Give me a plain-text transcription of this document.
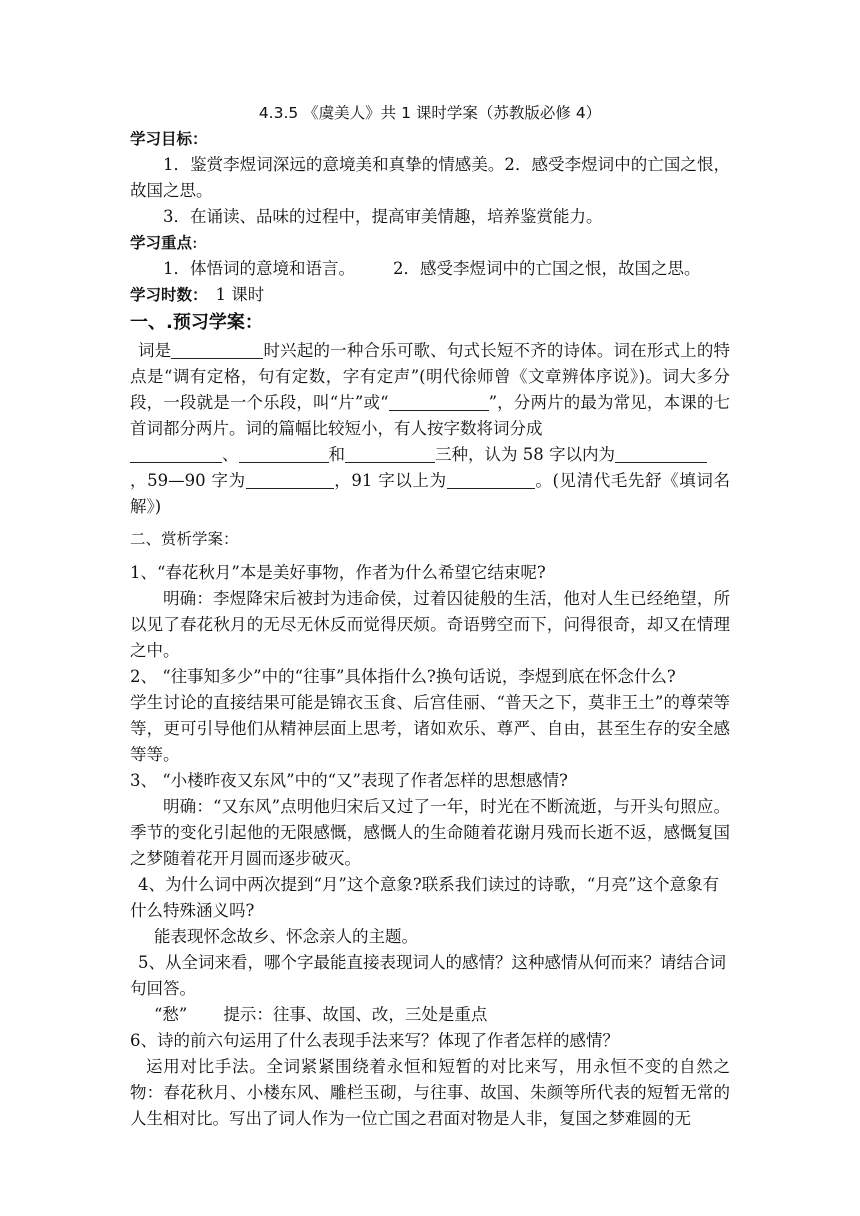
4.3.5 《虞美人》共 1 课时学案（苏教版必修 4）

学习目标：

1．鉴赏李煜词深远的意境美和真挚的情感美。2．感受李煜词中的亡国之恨，故国之思。

3．在诵读、品味的过程中，提高审美情趣，培养鉴赏能力。

学习重点:

1．体悟词的意境和语言。 2．感受李煜词中的亡国之恨，故国之思。

学习时数： 1 课时

一、.预习学案：

词是	时兴起的一种合乐可歌、句式长短不齐的诗体。词在形式上的特点是“调有定格，句有定数，字有定声”(明代徐师曾《文章辨体序说》)。词大多分段，一段就是一个乐段，叫“片”或“	”，分两片的最为常见，本课的七首词都分两片。词的篇幅比较短小，有人按字数将词分成
、	和	三种，认为 58 字以内为
，59—90 字为	，91 字以上为	。(见清代毛先舒《填词名解》)

二、赏析学案：

1、“春花秋月”本是美好事物，作者为什么希望它结束呢?

明确：李煜降宋后被封为违命侯，过着囚徒般的生活，他对人生已经绝望，所以见了春花秋月的无尽无休反而觉得厌烦。奇语劈空而下，问得很奇，却又在情理之中。

2、 “往事知多少”中的“往事”具体指什么?换句话说，李煜到底在怀念什么?

学生讨论的直接结果可能是锦衣玉食、后宫佳丽、“普天之下，莫非王土”的尊荣等等，更可引导他们从精神层面上思考，诸如欢乐、尊严、自由，甚至生存的安全感等等。

3、 “小楼昨夜又东风”中的“又”表现了作者怎样的思想感情?

明确：“又东风”点明他归宋后又过了一年，时光在不断流逝，与开头句照应。季节的变化引起他的无限感慨，感慨人的生命随着花谢月残而长逝不返，感慨复国之梦随着花开月圆而逐步破灭。

4、为什么词中两次提到“月”这个意象?联系我们读过的诗歌，“月亮”这个意象有什么特殊涵义吗?

能表现怀念故乡、怀念亲人的主题。

5、从全词来看，哪个字最能直接表现词人的感情？这种感情从何而来？请结合词句回答。

“愁” 提示：往事、故国、改，三处是重点

6、诗的前六句运用了什么表现手法来写？体现了作者怎样的感情？

运用对比手法。全词紧紧围绕着永恒和短暂的对比来写，用永恒不变的自然之物：春花秋月、小楼东风、雕栏玉砌，与往事、故国、朱颜等所代表的短暂无常的人生相对比。写出了词人作为一位亡国之君面对物是人非，复国之梦难圆的无
